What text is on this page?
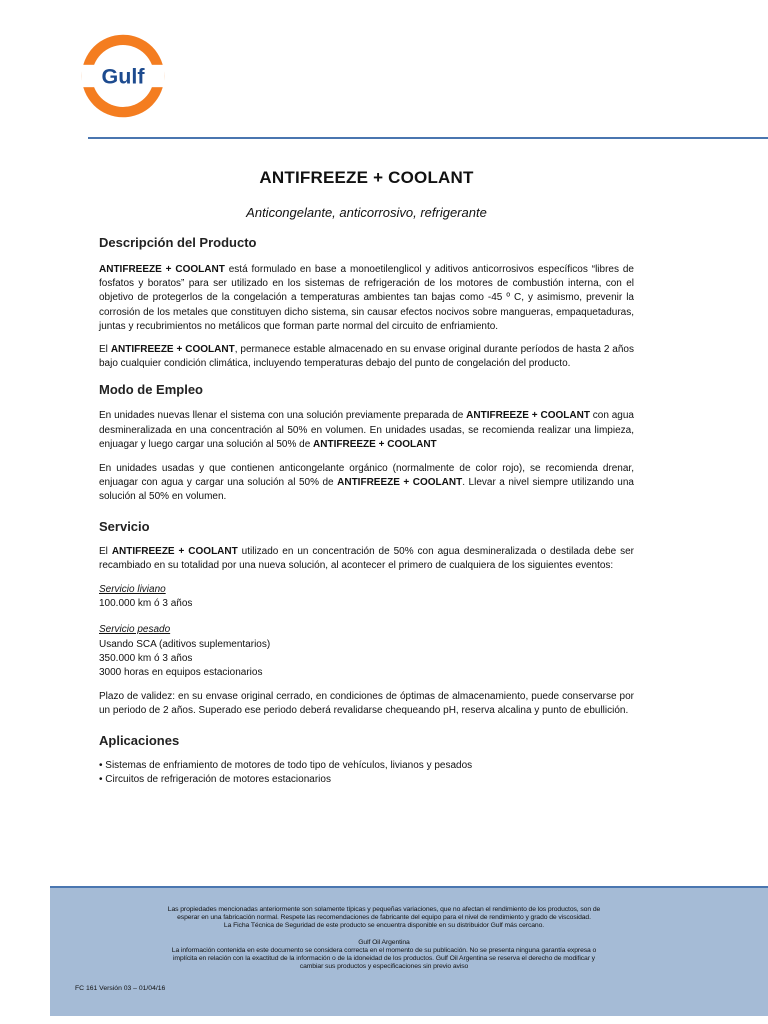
Gulf
ANTIFREEZE + COOLANT
Anticongelante, anticorrosivo, refrigerante
Descripción del Producto

ANTIFREEZE + COOLANT está formulado en base a monoetilenglicol y aditivos anticorrosivos específicos “libres de fosfatos y boratos” para ser utilizado en los sistemas de refrigeración de los motores de combustión interna, con el objetivo de protegerlos de la congelación a temperaturas ambientes tan bajas como -45 º C, y asimismo, prevenir la corrosión de los metales que constituyen dicho sistema, sin causar efectos nocivos sobre mangueras, empaquetaduras, juntas y recubrimientos no metálicos que forman parte normal del circuito de enfriamiento.

El ANTIFREEZE + COOLANT, permanece estable almacenado en su envase original durante períodos de hasta 2 años bajo cualquier condición climática, incluyendo temperaturas debajo del punto de congelación del producto.

Modo de Empleo

En unidades nuevas llenar el sistema con una solución previamente preparada de ANTIFREEZE + COOLANT con agua desmineralizada en una concentración al 50% en volumen. En unidades usadas, se recomienda realizar una limpieza, enjuagar y luego cargar una solución al 50% de ANTIFREEZE + COOLANT

En unidades usadas y que contienen anticongelante orgánico (normalmente de color rojo), se recomienda drenar, enjuagar con agua y cargar una solución al 50% de ANTIFREEZE + COOLANT. Llevar a nivel siempre utilizando una solución al 50% en volumen.

Servicio

El ANTIFREEZE + COOLANT utilizado en un concentración de 50% con agua desmineralizada o destilada debe ser recambiado en su totalidad por una nueva solución, al acontecer el primero de cualquiera de los siguientes eventos:

Servicio liviano
100.000 km ó 3 años
Servicio pesado
Usando SCA (aditivos suplementarios)
350.000 km ó 3 años
3000 horas en equipos estacionarios

Plazo de validez: en su envase original cerrado, en condiciones de óptimas de almacenamiento, puede conservarse por un periodo de 2 años. Superado ese periodo deberá revalidarse chequeando pH, reserva alcalina y punto de ebullición.

Aplicaciones
• Sistemas de enfriamiento de motores de todo tipo de vehículos, livianos y pesados
• Circuitos de refrigeración de motores estacionarios
Las propiedades mencionadas anteriormente son solamente típicas y pequeñas variaciones, que no afectan el rendimiento de los productos, son de
esperar en una fabricación normal. Respete las recomendaciones de fabricante del equipo para el nivel de rendimiento y grado de viscosidad.
La Ficha Técnica de Seguridad de este producto se encuentra disponible en su distribuidor Gulf más cercano.
Gulf Oil Argentina
La información contenida en este documento se considera correcta en el momento de su publicación. No se presenta ninguna garantía expresa o
implícita en relación con la exactitud de la información o de la idoneidad de los productos. Gulf Oil Argentina se reserva el derecho de modificar y
cambiar sus productos y especificaciones sin previo aviso
FC 161 Versión 03 – 01/04/16
